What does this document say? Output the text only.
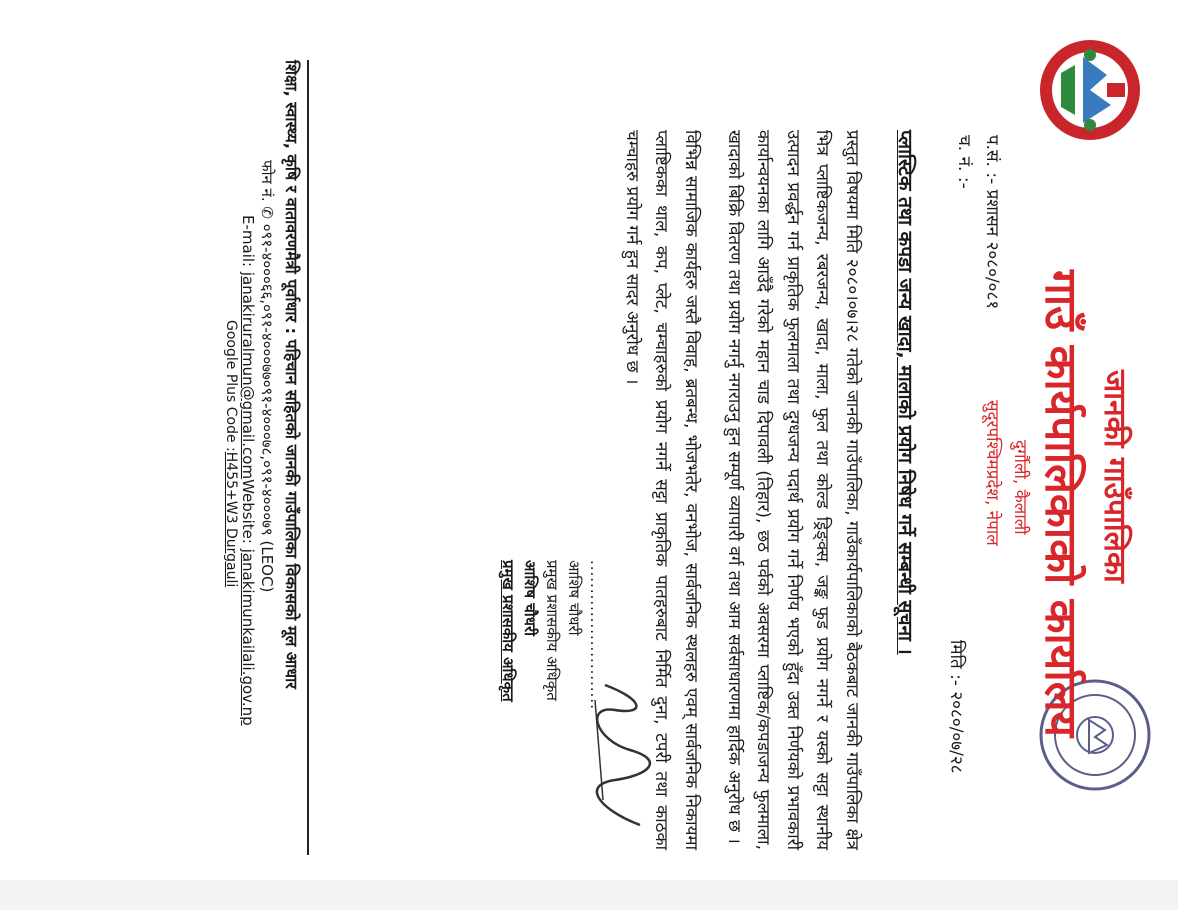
जानकी गाउँपालिका
गाउँ कार्यपालिकाको कार्यालय
दुर्गौली, कैलाली
सुदूरपश्चिमप्रदेश, नेपाल
प.सं. :- प्रशासन २०८०/०८१
च. नं. :-
मिति :- २०८०/०७/२८
प्लास्टिक तथा कपडा जन्य खादा, मालाको प्रयोग निषेध गर्ने सम्बन्धी सूचना ।

प्रस्तुत विषयमा मिति २०८०।०७।२८ गतेको जानकी गाउँपालिका, गाउँकार्यपालिकाको बैठकबाट जानकी गाउँपालिका क्षेत्र भित्र प्लाष्टिकजन्य, रबरजन्य, खादा, माला, फुल तथा कोल्ड ड्रिङ्क्स, जङ्क फुड प्रयोग नगर्ने र यस्को सट्टा स्थानीय उत्पादन प्रवर्द्धन गर्न प्राकृतिक फुलमाला तथा दुग्धजन्य पदार्थ प्रयोग गर्ने निर्णय भएको हुँदा उक्त निर्णयको प्रभावकारी कार्यान्वयनका लागि आउँदै गरेको महान चाड दिपावली (तिहार), छठ पर्वको अवसरमा प्लाष्टिक/कपडाजन्य फुलमाला, खादाको बिक्रि वितरण तथा प्रयोग नगर्नु नगराउनु हुन सम्पूर्ण व्यापारी वर्ग तथा आम सर्वसाधारणमा हार्दिक अनुरोध छ ।

विभिन्न सामाजिक कार्यहरु जस्तै विवाह, ब्रतबन्ध, भोजभतेर, वनभोज, सार्वजनिक स्थलहरु एवम् सार्वजनिक निकायमा प्लाष्टिकका थाल, कप, प्लेट, चम्चाहरुको प्रयोग नगर्ने सट्टा प्राकृतिक पातहरुबाट निर्मित दुना, टपरी तथा काठका चम्चाहरु प्रयोग गर्न हुन सादर अनुरोध छ ।

..........................
आशिष चौधरी
प्रमुख प्रशासकीय अधिकृत
आशिष चौधरी
प्रमुख प्रशासकीय अधिकृत
शिक्षा, स्वास्थ्य, कृषि र वातावरणमैत्री पूर्वाधार : पहिचान सहितको जानकी गाउँपालिका विकासको मूल आधार
फोन नं. ✆ ०९१-४०००६६,०९१-४०००७७०९१-४०००७८,०९१-४०००७९ (LEOC)
E-mail: janakiruralmun@gmail.comWebsite: janakimunkailali.gov.np
Google Plus Code :H455+W3 Durgauli
